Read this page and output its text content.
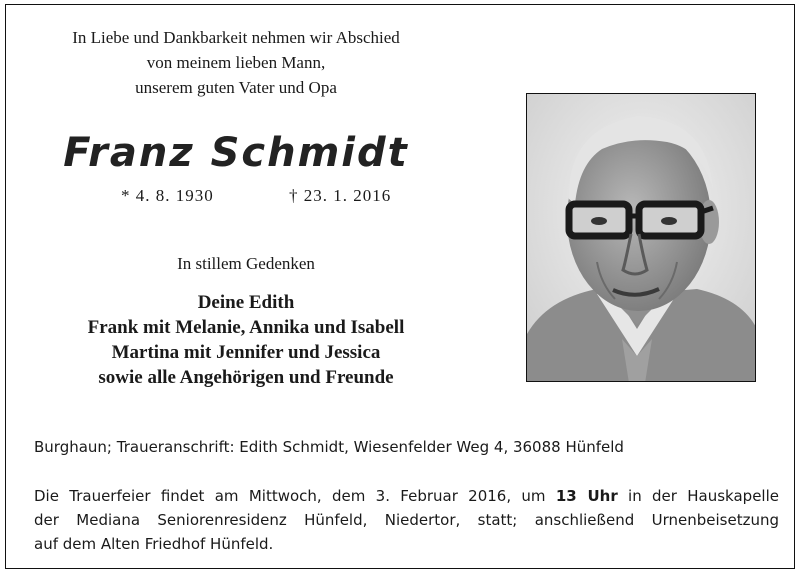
In Liebe und Dankbarkeit nehmen wir Abschied
von meinem lieben Mann,
unserem guten Vater und Opa
Franz Schmidt
* 4. 8. 1930	† 23. 1. 2016
In stillem Gedenken
Deine Edith
Frank mit Melanie, Annika und Isabell
Martina mit Jennifer und Jessica
sowie alle Angehörigen und Freunde
Burghaun; Traueranschrift: Edith Schmidt, Wiesenfelder Weg 4, 36088 Hünfeld
Die Trauerfeier findet am Mittwoch, dem 3. Februar 2016, um 13 Uhr in der Hauskapelle
der Mediana Seniorenresidenz Hünfeld, Niedertor, statt; anschließend Urnenbeisetzung
auf dem Alten Friedhof Hünfeld.
